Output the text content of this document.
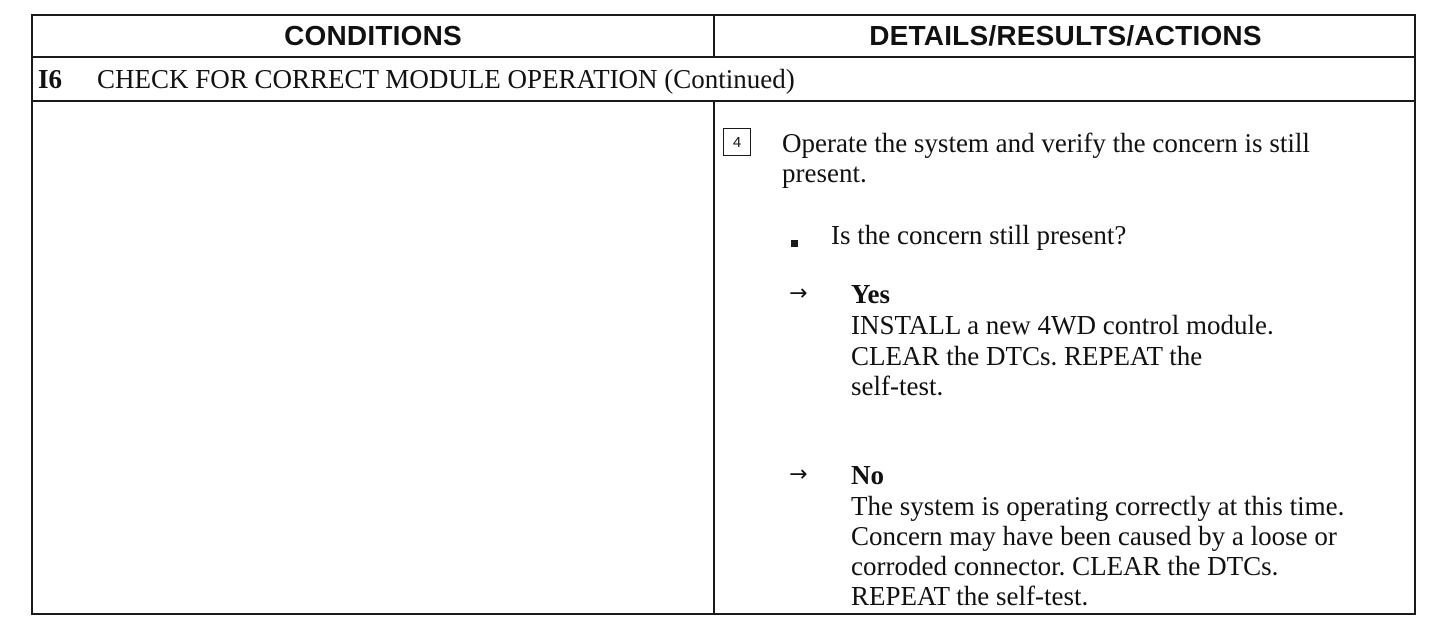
CONDITIONS	DETAILS/RESULTS/ACTIONS
I6 CHECK FOR CORRECT MODULE OPERATION (Continued)
4	Operate the system and verify the concern is still
present.
Is the concern still present?
→ Yes
INSTALL a new 4WD control module.
CLEAR the DTCs. REPEAT the
self-test.
→ No
The system is operating correctly at this time.
Concern may have been caused by a loose or
corroded connector. CLEAR the DTCs.
REPEAT the self-test.
